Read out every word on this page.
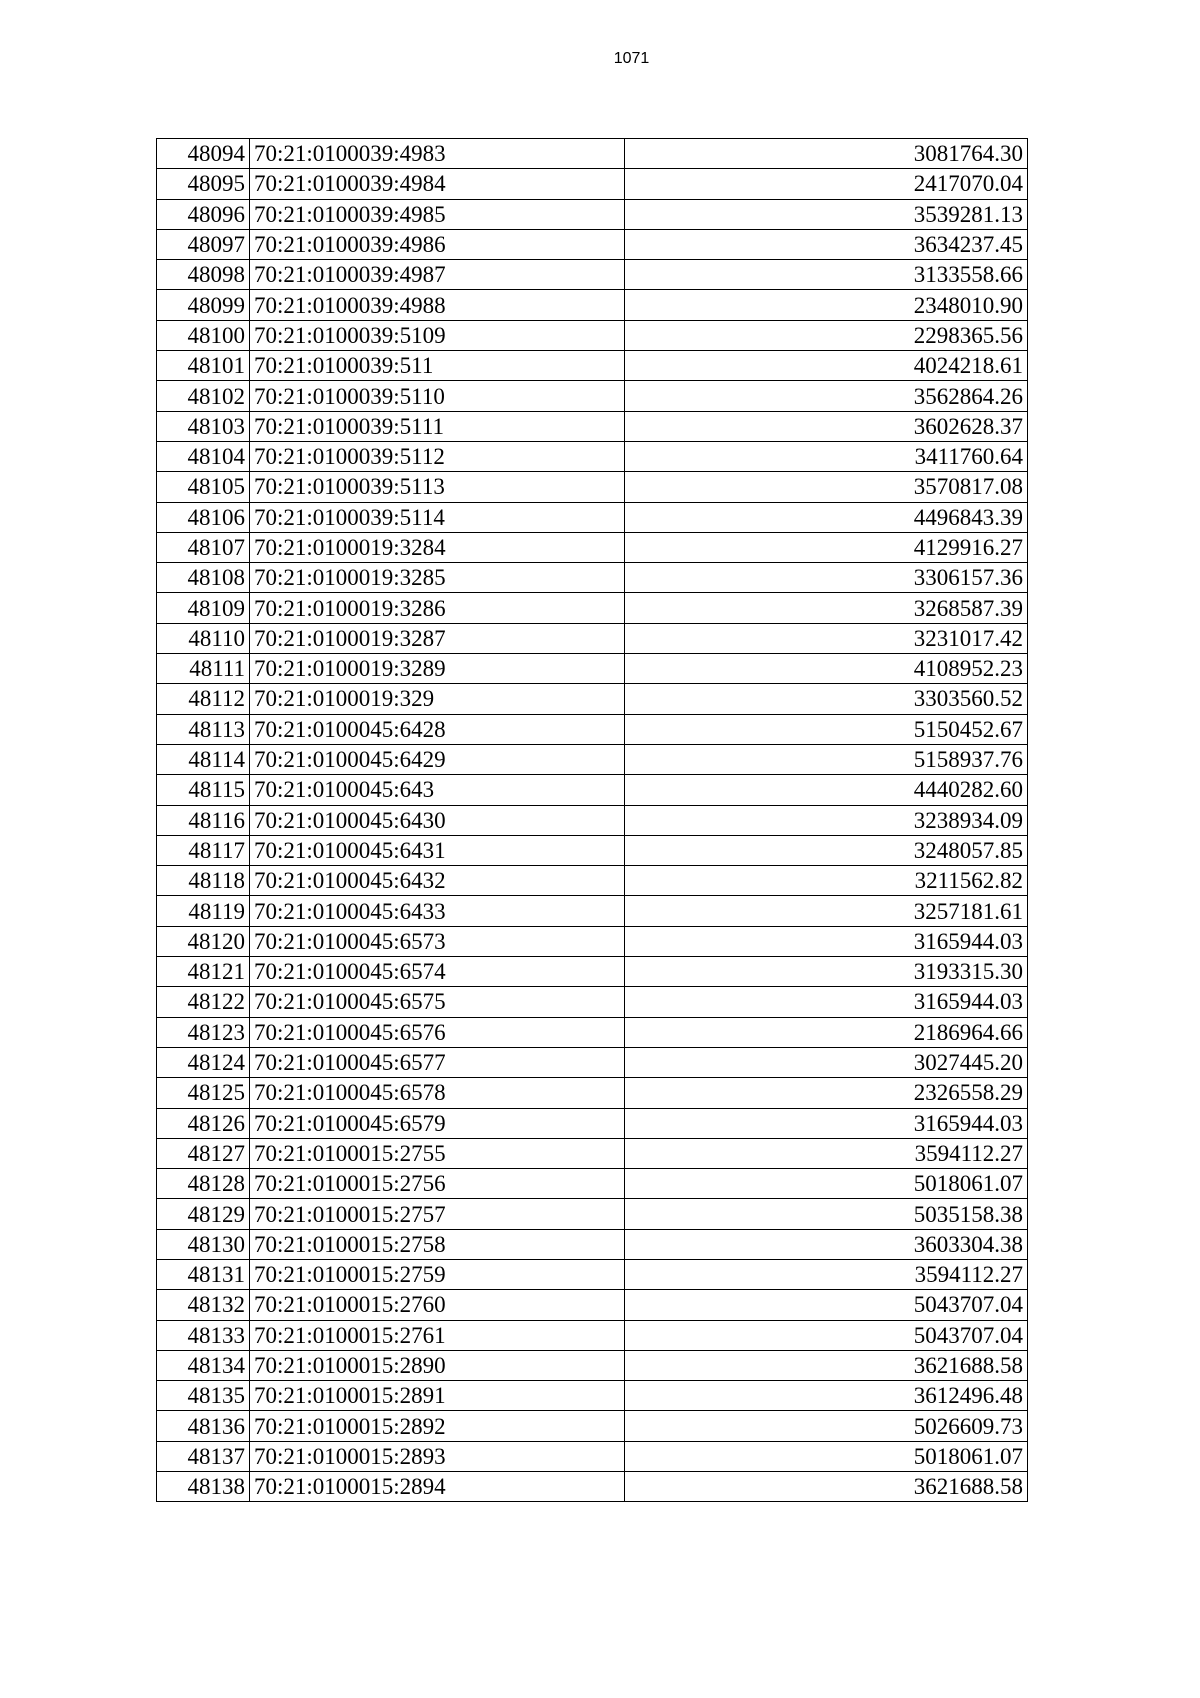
1071
48094	70:21:0100039:4983	3081764.30
48095	70:21:0100039:4984	2417070.04
48096	70:21:0100039:4985	3539281.13
48097	70:21:0100039:4986	3634237.45
48098	70:21:0100039:4987	3133558.66
48099	70:21:0100039:4988	2348010.90
48100	70:21:0100039:5109	2298365.56
48101	70:21:0100039:511	4024218.61
48102	70:21:0100039:5110	3562864.26
48103	70:21:0100039:5111	3602628.37
48104	70:21:0100039:5112	3411760.64
48105	70:21:0100039:5113	3570817.08
48106	70:21:0100039:5114	4496843.39
48107	70:21:0100019:3284	4129916.27
48108	70:21:0100019:3285	3306157.36
48109	70:21:0100019:3286	3268587.39
48110	70:21:0100019:3287	3231017.42
48111	70:21:0100019:3289	4108952.23
48112	70:21:0100019:329	3303560.52
48113	70:21:0100045:6428	5150452.67
48114	70:21:0100045:6429	5158937.76
48115	70:21:0100045:643	4440282.60
48116	70:21:0100045:6430	3238934.09
48117	70:21:0100045:6431	3248057.85
48118	70:21:0100045:6432	3211562.82
48119	70:21:0100045:6433	3257181.61
48120	70:21:0100045:6573	3165944.03
48121	70:21:0100045:6574	3193315.30
48122	70:21:0100045:6575	3165944.03
48123	70:21:0100045:6576	2186964.66
48124	70:21:0100045:6577	3027445.20
48125	70:21:0100045:6578	2326558.29
48126	70:21:0100045:6579	3165944.03
48127	70:21:0100015:2755	3594112.27
48128	70:21:0100015:2756	5018061.07
48129	70:21:0100015:2757	5035158.38
48130	70:21:0100015:2758	3603304.38
48131	70:21:0100015:2759	3594112.27
48132	70:21:0100015:2760	5043707.04
48133	70:21:0100015:2761	5043707.04
48134	70:21:0100015:2890	3621688.58
48135	70:21:0100015:2891	3612496.48
48136	70:21:0100015:2892	5026609.73
48137	70:21:0100015:2893	5018061.07
48138	70:21:0100015:2894	3621688.58
